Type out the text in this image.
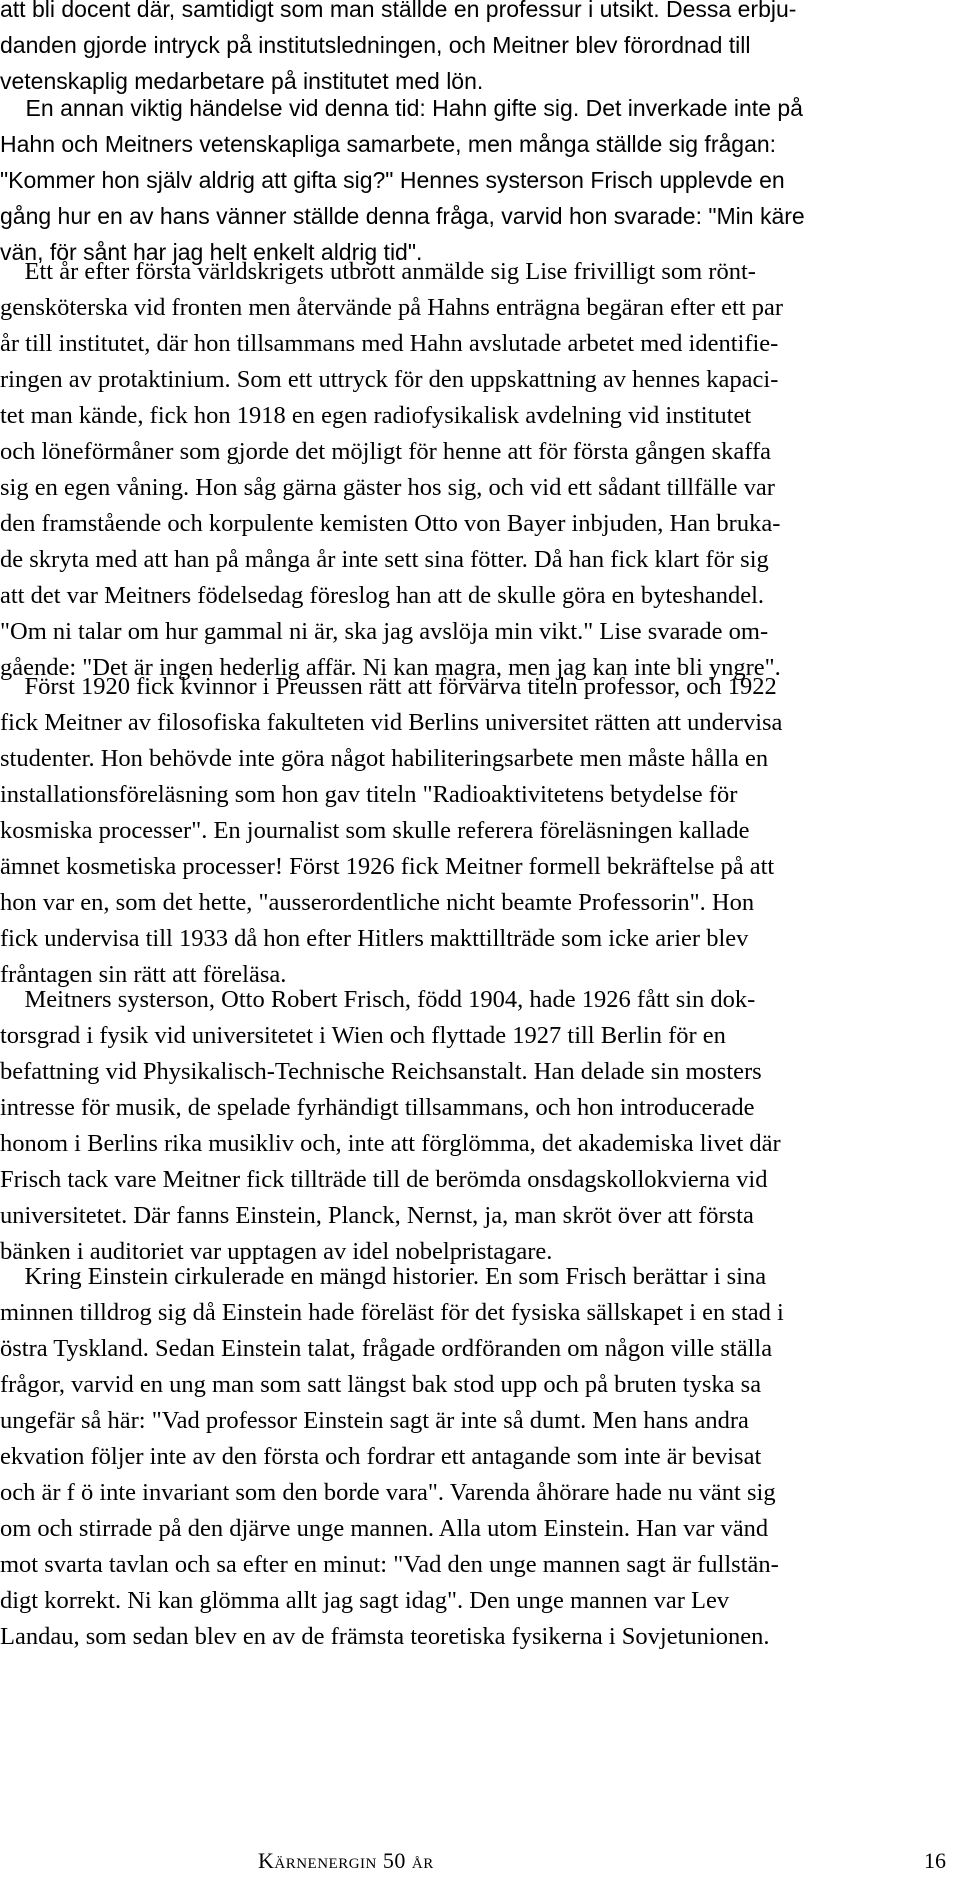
att bli docent där, samtidigt som man ställde en professur i utsikt. Dessa erbju-
danden gjorde intryck på institutsledningen, och Meitner blev förordnad till
vetenskaplig medarbetare på institutet med lön.
En annan viktig händelse vid denna tid: Hahn gifte sig. Det inverkade inte på
Hahn och Meitners vetenskapliga samarbete, men många ställde sig frågan:
"Kommer hon själv aldrig att gifta sig?" Hennes systerson Frisch upplevde en
gång hur en av hans vänner ställde denna fråga, varvid hon svarade: "Min käre
vän, för sånt har jag helt enkelt aldrig tid".
Ett år efter första världskrigets utbrott anmälde sig Lise frivilligt som rönt-
gensköterska vid fronten men återvände på Hahns enträgna begäran efter ett par
år till institutet, där hon tillsammans med Hahn avslutade arbetet med identifie-
ringen av protaktinium. Som ett uttryck för den uppskattning av hennes kapaci-
tet man kände, fick hon 1918 en egen radiofysikalisk avdelning vid institutet
och löneförmåner som gjorde det möjligt för henne att för första gången skaffa
sig en egen våning. Hon såg gärna gäster hos sig, och vid ett sådant tillfälle var
den framstående och korpulente kemisten Otto von Bayer inbjuden, Han bruka-
de skryta med att han på många år inte sett sina fötter. Då han fick klart för sig
att det var Meitners födelsedag föreslog han att de skulle göra en byteshandel.
"Om ni talar om hur gammal ni är, ska jag avslöja min vikt." Lise svarade om-
gående: "Det är ingen hederlig affär. Ni kan magra, men jag kan inte bli yngre".
Först 1920 fick kvinnor i Preussen rätt att förvärva titeln professor, och 1922
fick Meitner av filosofiska fakulteten vid Berlins universitet rätten att undervisa
studenter. Hon behövde inte göra något habiliteringsarbete men måste hålla en
installationsföreläsning som hon gav titeln "Radioaktivitetens betydelse för
kosmiska processer". En journalist som skulle referera föreläsningen kallade
ämnet kosmetiska processer! Först 1926 fick Meitner formell bekräftelse på att
hon var en, som det hette, "ausserordentliche nicht beamte Professorin". Hon
fick undervisa till 1933 då hon efter Hitlers makttillträde som icke arier blev
fråntagen sin rätt att föreläsa.
Meitners systerson, Otto Robert Frisch, född 1904, hade 1926 fått sin dok-
torsgrad i fysik vid universitetet i Wien och flyttade 1927 till Berlin för en
befattning vid Physikalisch-Technische Reichsanstalt. Han delade sin mosters
intresse för musik, de spelade fyrhändigt tillsammans, och hon introducerade
honom i Berlins rika musikliv och, inte att förglömma, det akademiska livet där
Frisch tack vare Meitner fick tillträde till de berömda onsdagskollokvierna vid
universitetet. Där fanns Einstein, Planck, Nernst, ja, man skröt över att första
bänken i auditoriet var upptagen av idel nobelpristagare.
Kring Einstein cirkulerade en mängd historier. En som Frisch berättar i sina
minnen tilldrog sig då Einstein hade föreläst för det fysiska sällskapet i en stad i
östra Tyskland. Sedan Einstein talat, frågade ordföranden om någon ville ställa
frågor, varvid en ung man som satt längst bak stod upp och på bruten tyska sa
ungefär så här: "Vad professor Einstein sagt är inte så dumt. Men hans andra
ekvation följer inte av den första och fordrar ett antagande som inte är bevisat
och är f ö inte invariant som den borde vara". Varenda åhörare hade nu vänt sig
om och stirrade på den djärve unge mannen. Alla utom Einstein. Han var vänd
mot svarta tavlan och sa efter en minut: "Vad den unge mannen sagt är fullstän-
digt korrekt. Ni kan glömma allt jag sagt idag". Den unge mannen var Lev
Landau, som sedan blev en av de främsta teoretiska fysikerna i Sovjetunionen.
Kärnenergin 50 år	16
